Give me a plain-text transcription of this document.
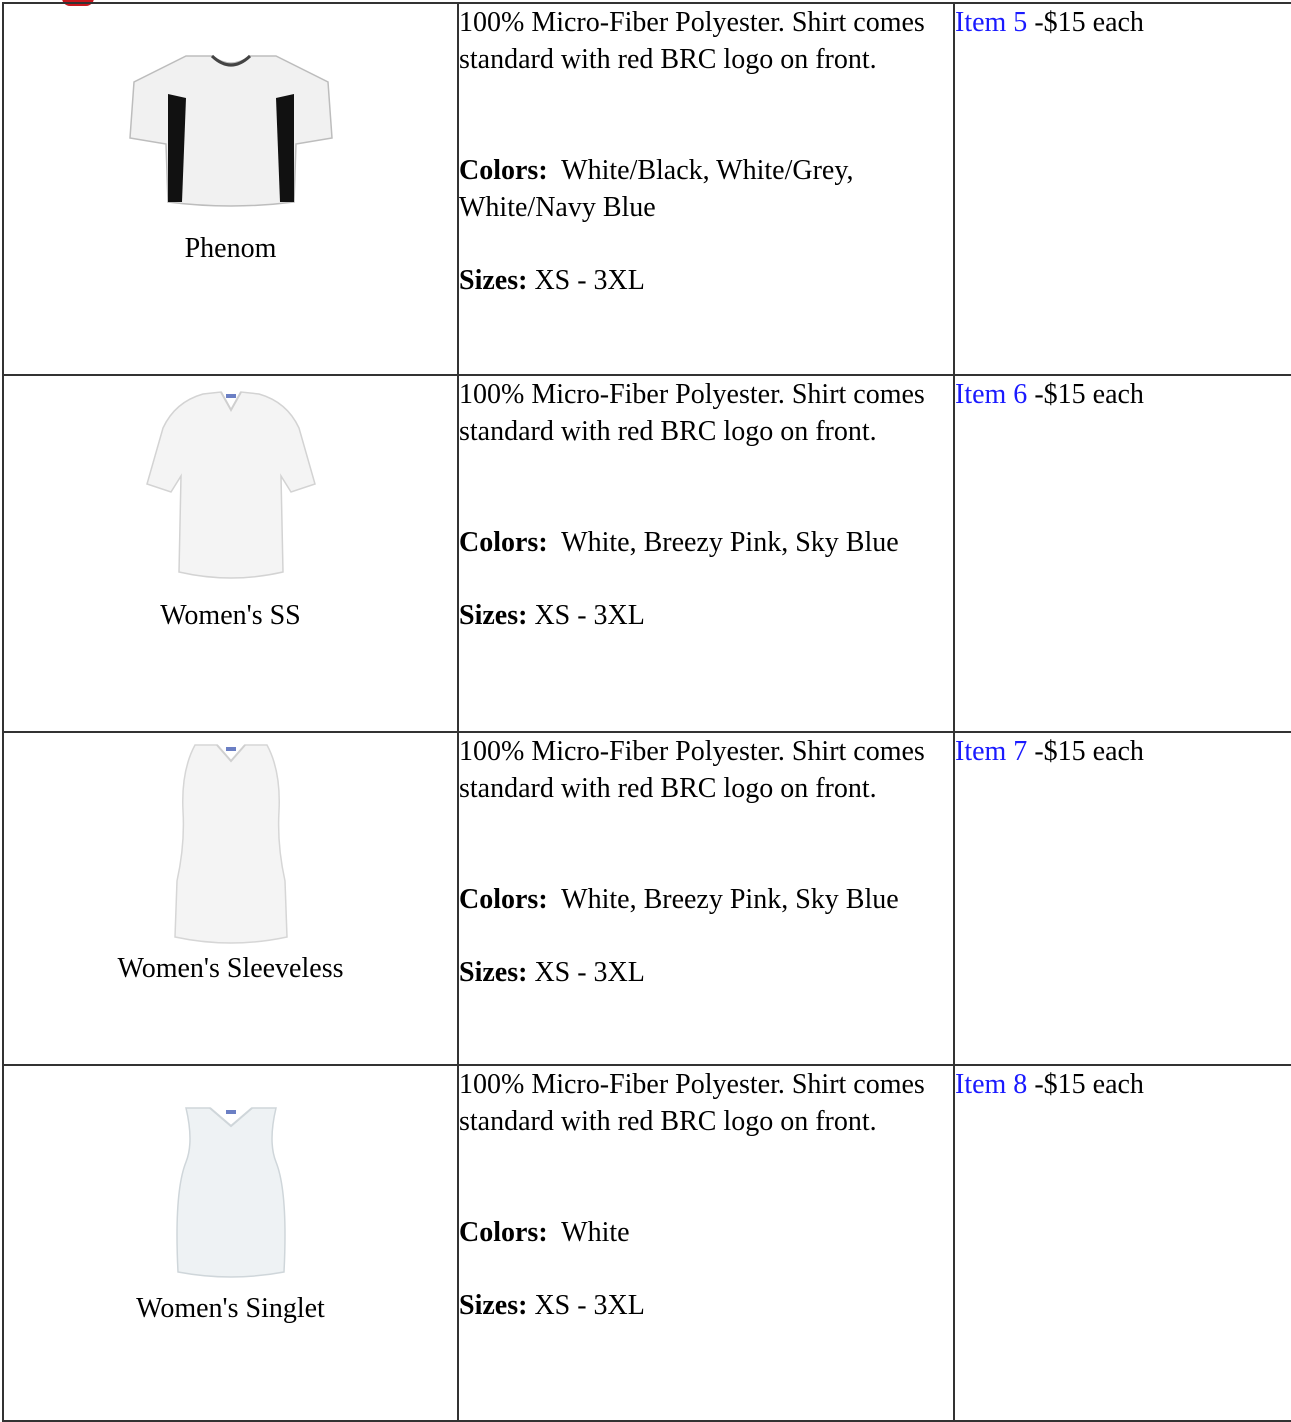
Phenom	100% Micro-Fiber Polyester. Shirt comes standard with red BRC logo on front.

Colors: White/Black, White/Grey, White/Navy Blue

Sizes: XS - 3XL	Item 5 -$15 each

Women's SS	100% Micro-Fiber Polyester. Shirt comes standard with red BRC logo on front.

Colors: White, Breezy Pink, Sky Blue

Sizes: XS - 3XL	Item 6 -$15 each

Women's Sleeveless	100% Micro-Fiber Polyester. Shirt comes standard with red BRC logo on front.

Colors: White, Breezy Pink, Sky Blue

Sizes: XS - 3XL	Item 7 -$15 each

Women's Singlet	100% Micro-Fiber Polyester. Shirt comes standard with red BRC logo on front.

Colors: White

Sizes: XS - 3XL	Item 8 -$15 each
